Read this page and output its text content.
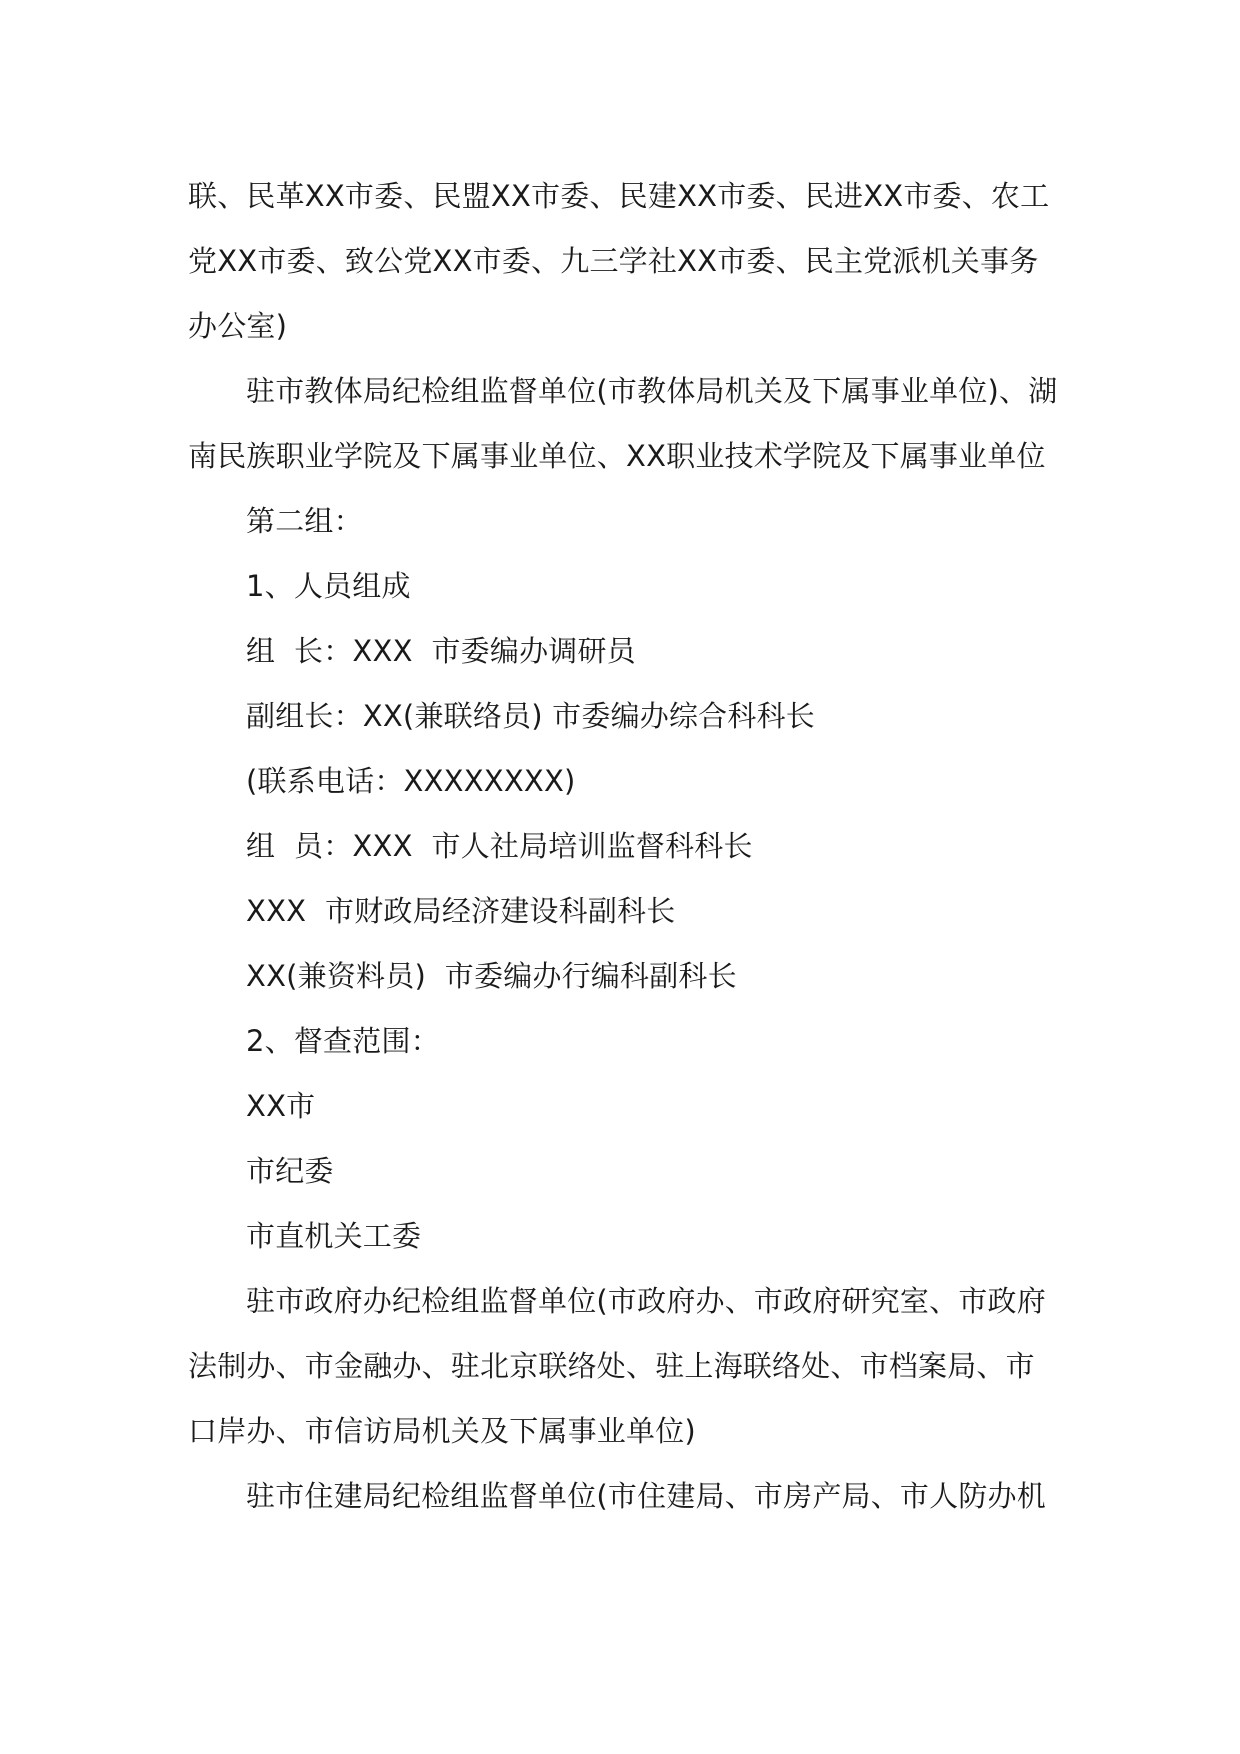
联、民革XX市委、民盟XX市委、民建XX市委、民进XX市委、农工党XX市委、致公党XX市委、九三学社XX市委、民主党派机关事务办公室)

驻市教体局纪检组监督单位(市教体局机关及下属事业单位)、湖南民族职业学院及下属事业单位、XX职业技术学院及下属事业单位

第二组：

1、人员组成

组  长：XXX  市委编办调研员

副组长：XX(兼联络员) 市委编办综合科科长

(联系电话：XXXXXXXX)

组  员：XXX  市人社局培训监督科科长

XXX  市财政局经济建设科副科长

XX(兼资料员)  市委编办行编科副科长

2、督查范围：

XX市

市纪委

市直机关工委

驻市政府办纪检组监督单位(市政府办、市政府研究室、市政府法制办、市金融办、驻北京联络处、驻上海联络处、市档案局、市口岸办、市信访局机关及下属事业单位)

驻市住建局纪检组监督单位(市住建局、市房产局、市人防办机
